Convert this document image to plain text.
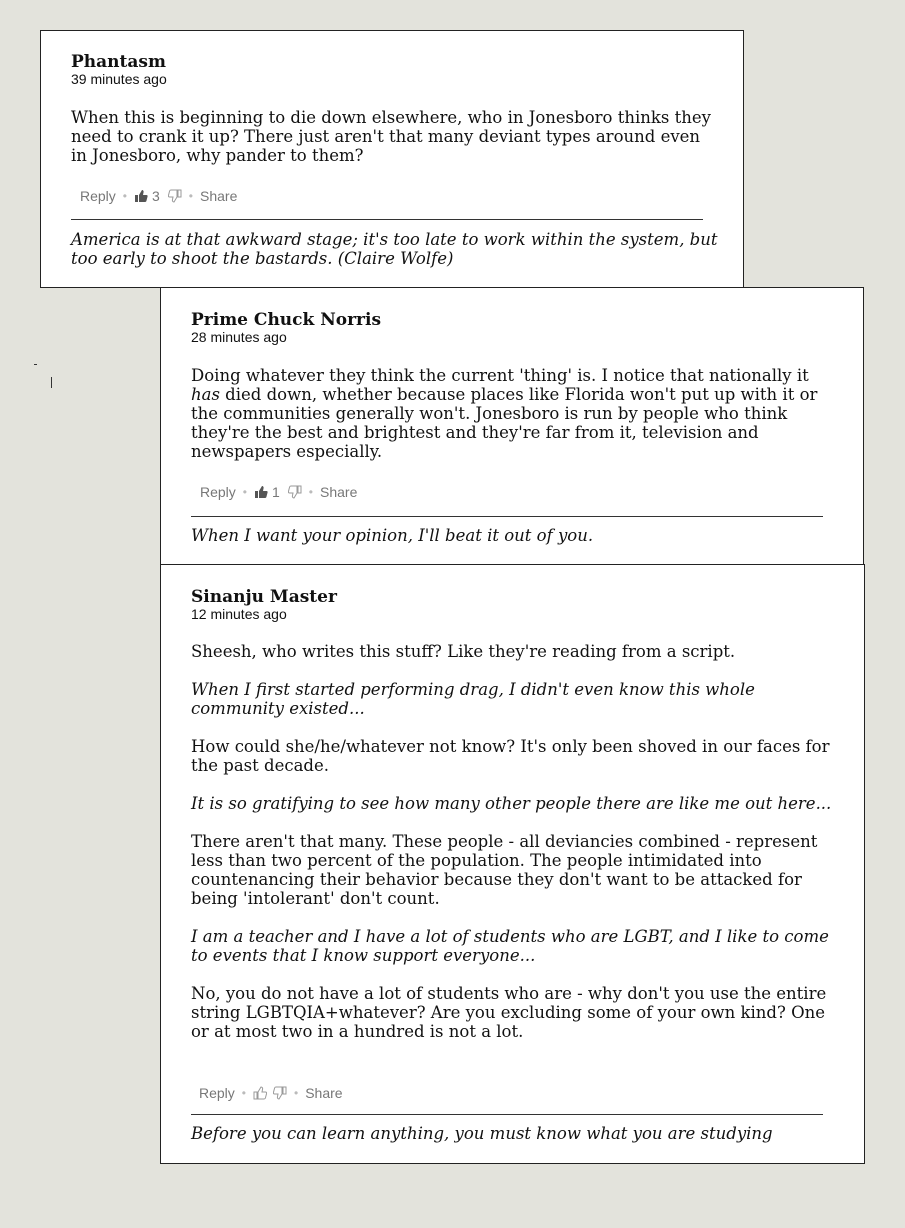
Phantasm
39 minutes ago

When this is beginning to die down elsewhere, who in Jonesboro thinks they need to crank it up? There just aren't that many deviant types around even in Jonesboro, why pander to them?

Reply • 3 • Share
America is at that awkward stage; it's too late to work within the system, but too early to shoot the bastards. (Claire Wolfe)
Prime Chuck Norris
28 minutes ago

Doing whatever they think the current 'thing' is. I notice that nationally it has died down, whether because places like Florida won't put up with it or the communities generally won't. Jonesboro is run by people who think they're the best and brightest and they're far from it, television and newspapers especially.

Reply • 1 • Share
When I want your opinion, I'll beat it out of you.
Sinanju Master
12 minutes ago

Sheesh, who writes this stuff? Like they're reading from a script.

When I first started performing drag, I didn't even know this whole community existed...

How could she/he/whatever not know? It's only been shoved in our faces for the past decade.

It is so gratifying to see how many other people there are like me out here...

There aren't that many. These people - all deviancies combined - represent less than two percent of the population. The people intimidated into countenancing their behavior because they don't want to be attacked for being 'intolerant' don't count.

I am a teacher and I have a lot of students who are LGBT, and I like to come to events that I know support everyone...

No, you do not have a lot of students who are - why don't you use the entire string LGBTQIA+whatever? Are you excluding some of your own kind? One or at most two in a hundred is not a lot.

Reply •	• Share
Before you can learn anything, you must know what you are studying
